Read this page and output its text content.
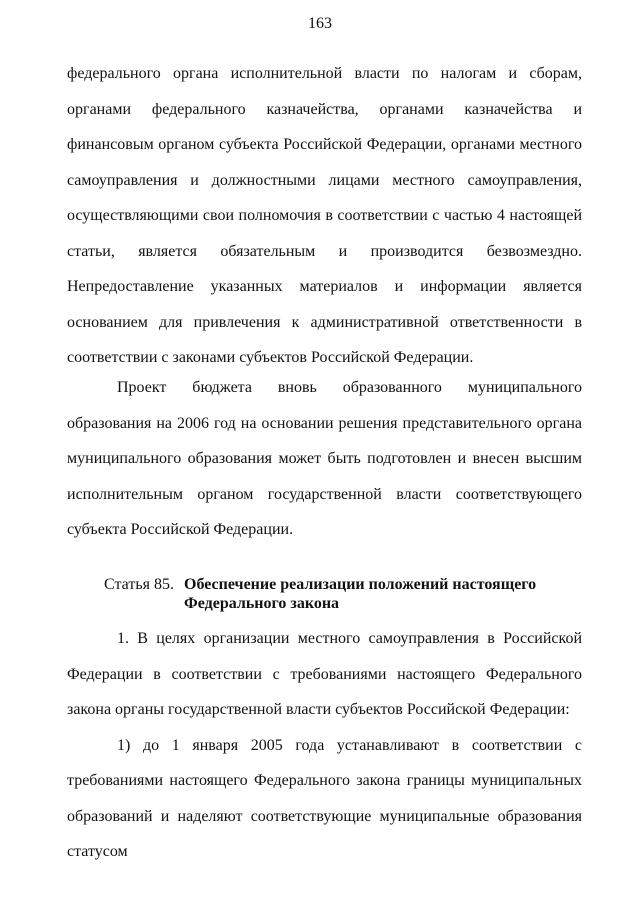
163

федерального органа исполнительной власти по налогам и сборам, органами федерального казначейства, органами казначейства и финансовым органом субъекта Российской Федерации, органами местного самоуправления и должностными лицами местного самоуправления, осуществляющими свои полномочия в соответствии с частью 4 настоящей статьи, является обязательным и производится безвозмездно. Непредоставление указанных материалов и информации является основанием для привлечения к административной ответственности в соответствии с законами субъектов Российской Федерации.

Проект бюджета вновь образованного муниципального образования на 2006 год на основании решения представительного органа муниципального образования может быть подготовлен и внесен высшим исполнительным органом государственной власти соответствующего субъекта Российской Федерации.

Статья 85. Обеспечение реализации положений настоящего Федерального закона

1. В целях организации местного самоуправления в Российской Федерации в соответствии с требованиями настоящего Федерального закона органы государственной власти субъектов Российской Федерации:

1) до 1 января 2005 года устанавливают в соответствии с требованиями настоящего Федерального закона границы муниципальных образований и наделяют соответствующие муниципальные образования статусом
